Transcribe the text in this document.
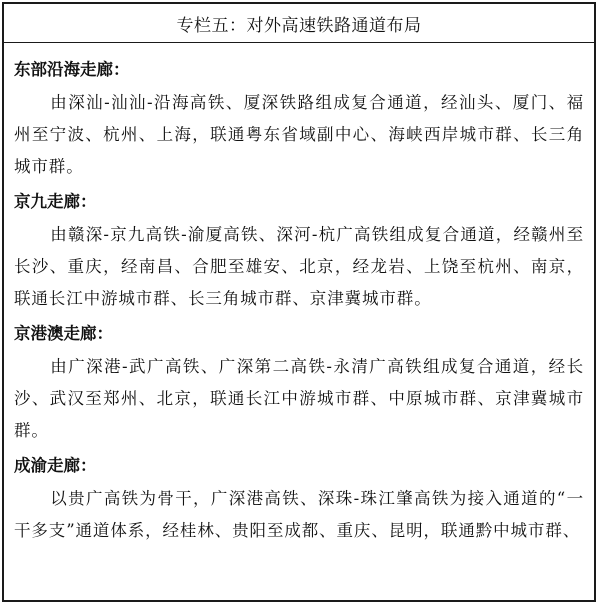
专栏五：对外高速铁路通道布局
东部沿海走廊：

由深汕-汕汕-沿海高铁、厦深铁路组成复合通道，经汕头、厦门、福州至宁波、杭州、上海，联通粤东省域副中心、海峡西岸城市群、长三角城市群。

京九走廊：

由赣深-京九高铁-渝厦高铁、深河-杭广高铁组成复合通道，经赣州至长沙、重庆，经南昌、合肥至雄安、北京，经龙岩、上饶至杭州、南京，联通长江中游城市群、长三角城市群、京津冀城市群。

京港澳走廊：

由广深港-武广高铁、广深第二高铁-永清广高铁组成复合通道，经长沙、武汉至郑州、北京，联通长江中游城市群、中原城市群、京津冀城市群。

成渝走廊：

以贵广高铁为骨干，广深港高铁、深珠-珠江肇高铁为接入通道的“一干多支”通道体系，经桂林、贵阳至成都、重庆、昆明，联通黔中城市群、
